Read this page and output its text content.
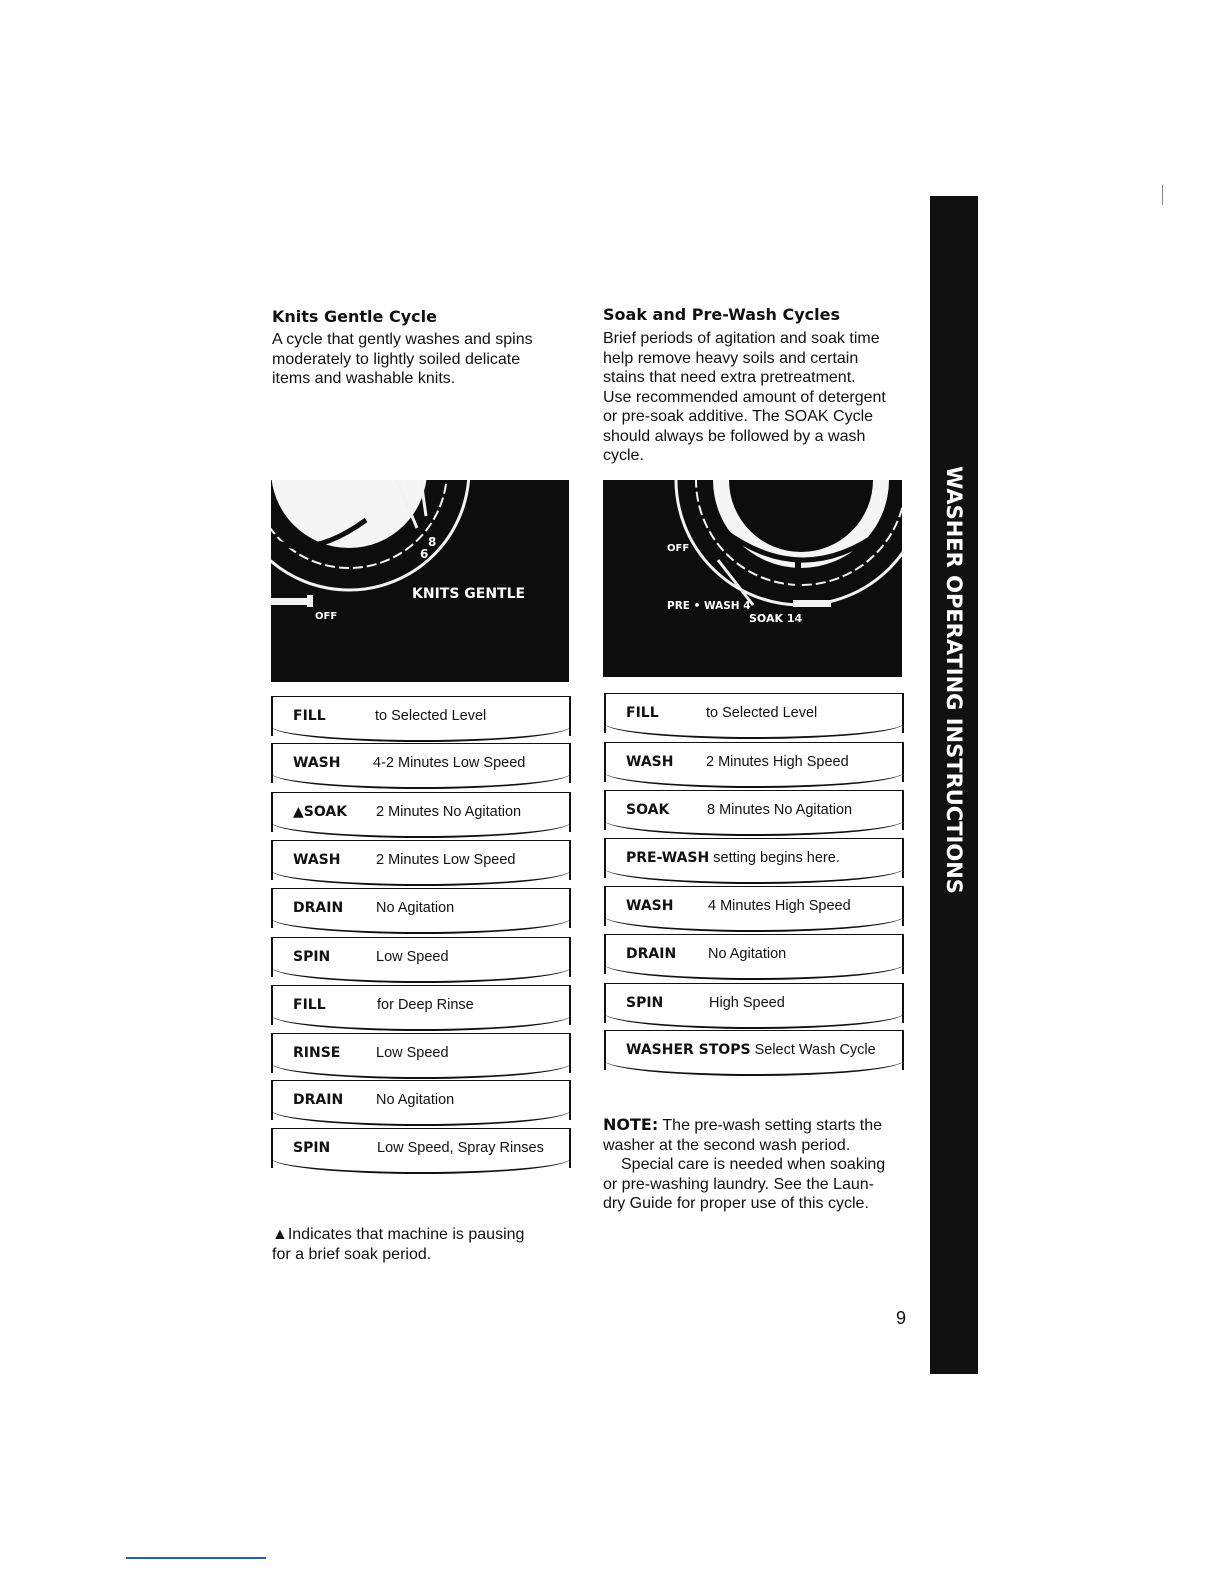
WASHER OPERATING INSTRUCTIONS
Knits Gentle Cycle
A cycle that gently washes and spins
moderately to lightly soiled delicate
items and washable knits.
8
6
KNITS GENTLE
OFF
FILL	to Selected Level
WASH 4-2 Minutes Low Speed
▲SOAK 2 Minutes No Agitation
WASH 2 Minutes Low Speed
DRAIN No Agitation
SPIN	Low Speed
FILL	for Deep Rinse
RINSE Low Speed
DRAIN No Agitation
SPIN	Low Speed, Spray Rinses
▲Indicates that machine is pausing
for a brief soak period.
Soak and Pre-Wash Cycles
Brief periods of agitation and soak time
help remove heavy soils and certain
stains that need extra pretreatment.
Use recommended amount of detergent
or pre-soak additive. The SOAK Cycle
should always be followed by a wash
cycle.
OFF
PRE • WASH 4
SOAK 14
FILL	to Selected Level
WASH 2 Minutes High Speed
SOAK	8 Minutes No Agitation
PRE-WASH setting begins here.
WASH 4 Minutes High Speed
DRAIN No Agitation
SPIN	High Speed
WASHER STOPS Select Wash Cycle
NOTE: The pre-wash setting starts the
washer at the second wash period.
Special care is needed when soaking
or pre-washing laundry. See the Laun-
dry Guide for proper use of this cycle.
9
